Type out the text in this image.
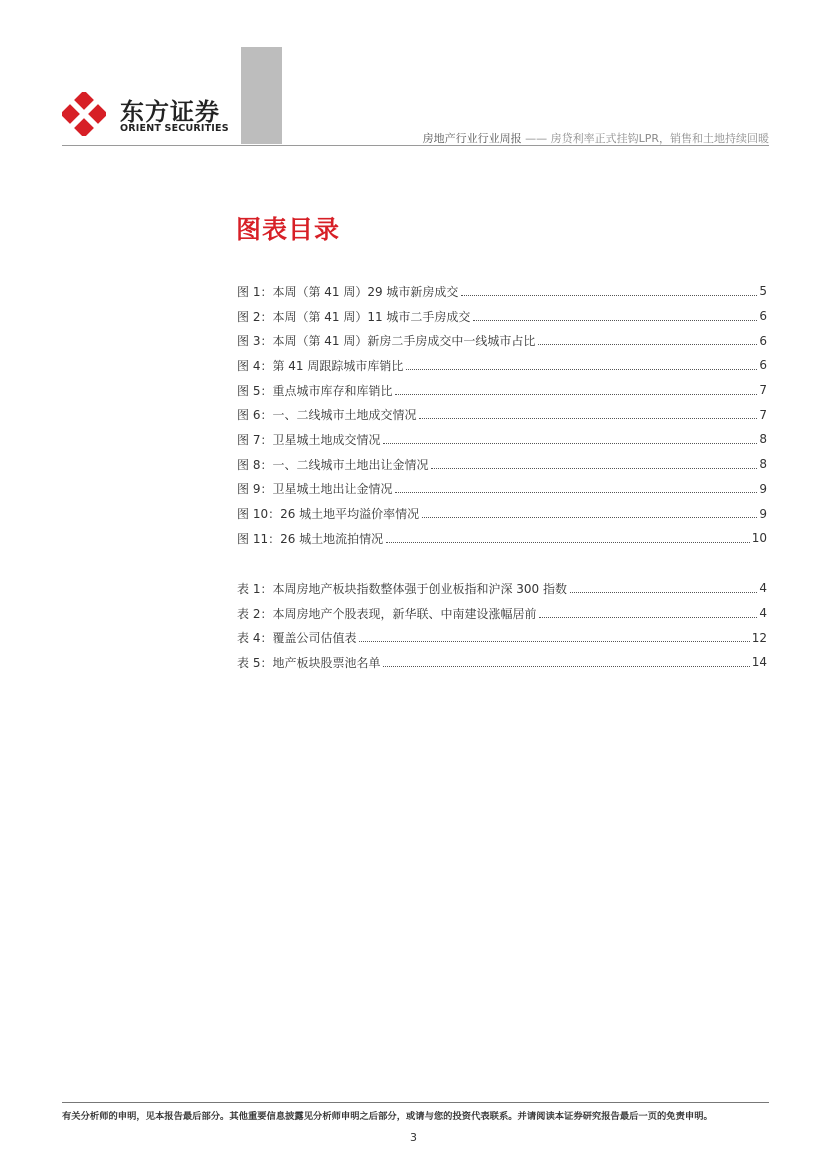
东方证券
ORIENT SECURITIES
房地产行业行业周报 —— 房贷利率正式挂钩LPR，销售和土地持续回暖
图表目录
图 1：本周（第 41 周）29 城市新房成交	5
图 2：本周（第 41 周）11 城市二手房成交	6
图 3：本周（第 41 周）新房二手房成交中一线城市占比	6
图 4：第 41 周跟踪城市库销比	6
图 5：重点城市库存和库销比	7
图 6：一、二线城市土地成交情况	7
图 7：卫星城土地成交情况	8
图 8：一、二线城市土地出让金情况	8
图 9：卫星城土地出让金情况	9
图 10：26 城土地平均溢价率情况	9
图 11：26 城土地流拍情况	10
表 1：本周房地产板块指数整体强于创业板指和沪深 300 指数	4
表 2：本周房地产个股表现，新华联、中南建设涨幅居前	4
表 4：覆盖公司估值表	12
表 5：地产板块股票池名单	14
有关分析师的申明，见本报告最后部分。其他重要信息披露见分析师申明之后部分，或请与您的投资代表联系。并请阅读本证券研究报告最后一页的免责申明。
3
